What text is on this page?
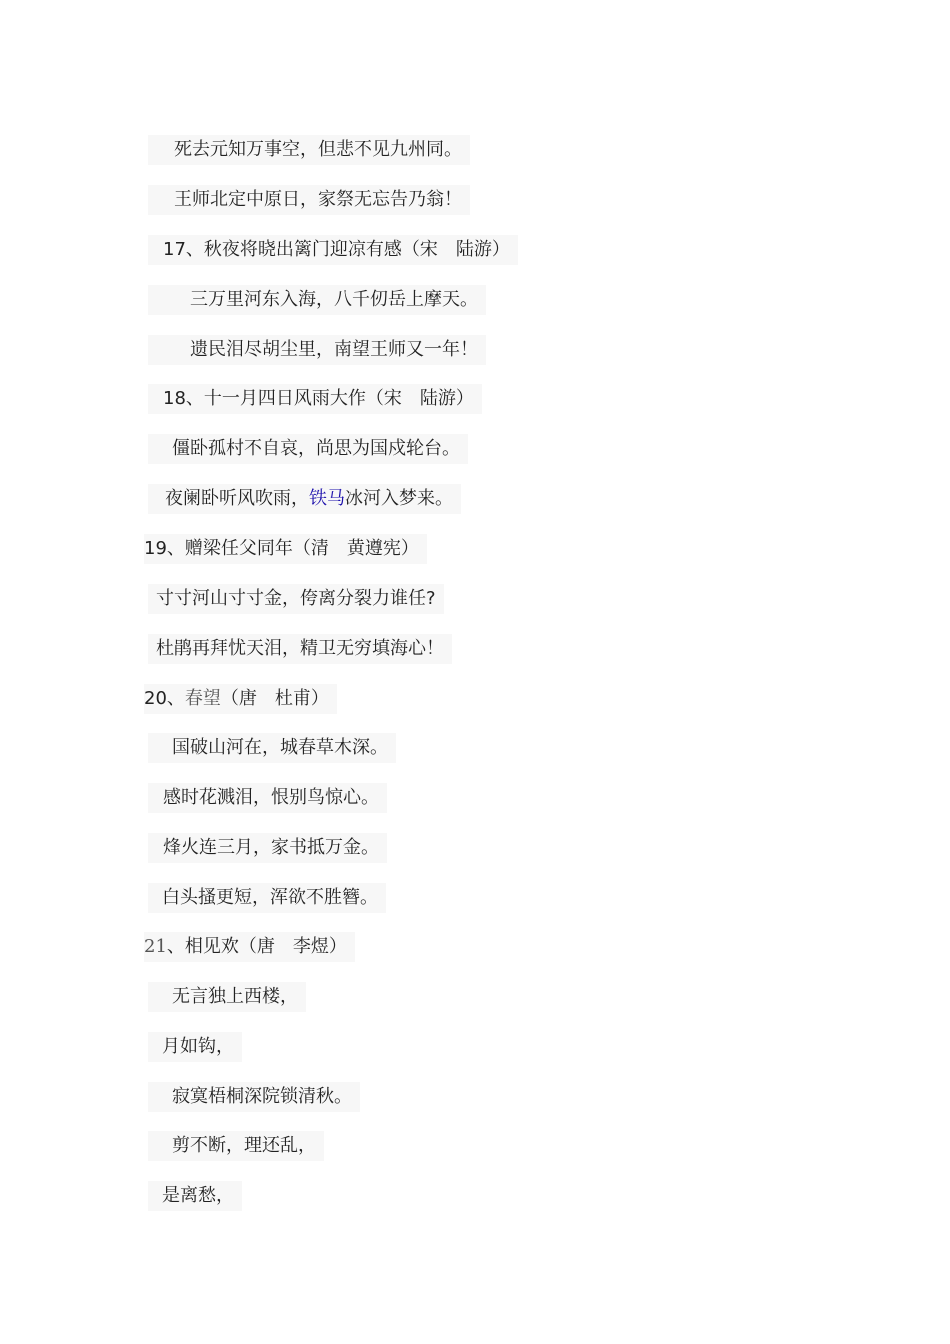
死去元知万事空，但悲不见九州同。
王师北定中原日，家祭无忘告乃翁！
17、秋夜将晓出篱门迎凉有感（宋　陆游）
三万里河东入海，八千仞岳上摩天。
遗民泪尽胡尘里，南望王师又一年！
18、十一月四日风雨大作（宋　陆游）
僵卧孤村不自哀，尚思为国戍轮台。
夜阑卧听风吹雨，铁马冰河入梦来。
19、赠梁任父同年（清　黄遵宪）
寸寸河山寸寸金，侉离分裂力谁任?
杜鹃再拜忧天泪，精卫无穷填海心！
20、春望（唐　杜甫）
国破山河在，城春草木深。
感时花溅泪，恨别鸟惊心。
烽火连三月，家书抵万金。
白头搔更短，浑欲不胜簪。
21、相见欢（唐　李煜）
无言独上西楼，
月如钩，
寂寞梧桐深院锁清秋。
剪不断，理还乱，
是离愁，
